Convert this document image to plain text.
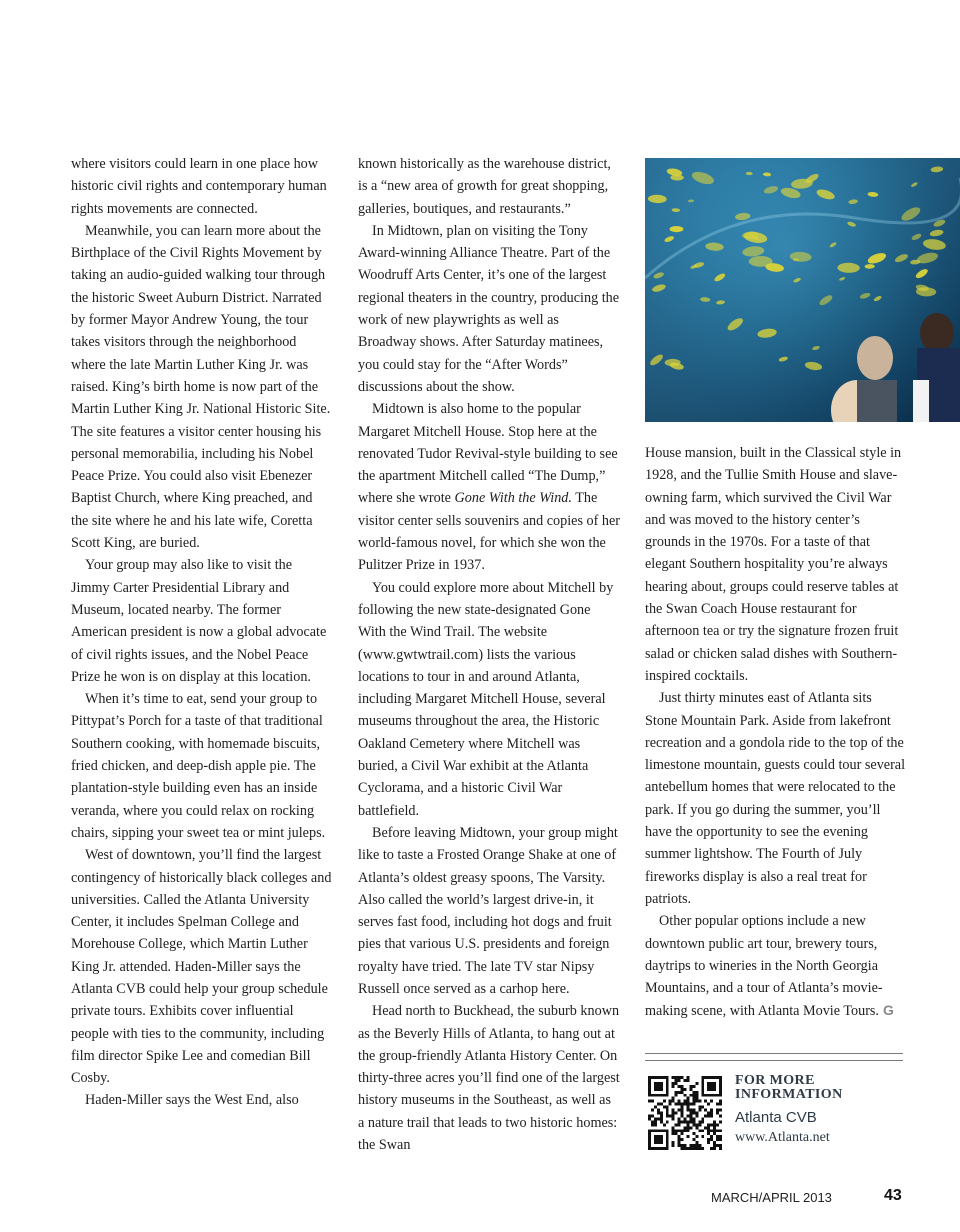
where visitors could learn in one place how historic civil rights and contemporary human rights movements are connected.

Meanwhile, you can learn more about the Birthplace of the Civil Rights Movement by taking an audio-guided walking tour through the historic Sweet Auburn District. Narrated by former Mayor Andrew Young, the tour takes visitors through the neighborhood where the late Martin Luther King Jr. was raised. King’s birth home is now part of the Martin Luther King Jr. National Historic Site. The site features a visitor center housing his personal memorabilia, including his Nobel Peace Prize. You could also visit Ebenezer Baptist Church, where King preached, and the site where he and his late wife, Coretta Scott King, are buried.

Your group may also like to visit the Jimmy Carter Presidential Library and Museum, located nearby. The former American president is now a global advocate of civil rights issues, and the Nobel Peace Prize he won is on display at this location.

When it’s time to eat, send your group to Pittypat’s Porch for a taste of that traditional Southern cooking, with homemade biscuits, fried chicken, and deep-dish apple pie. The plantation-style building even has an inside veranda, where you could relax on rocking chairs, sipping your sweet tea or mint juleps.

West of downtown, you’ll find the largest contingency of historically black colleges and universities. Called the Atlanta University Center, it includes Spelman College and Morehouse College, which Martin Luther King Jr. attended. Haden-Miller says the Atlanta CVB could help your group schedule private tours. Exhibits cover influential people with ties to the community, including film director Spike Lee and comedian Bill Cosby.

Haden-Miller says the West End, also

known historically as the warehouse district, is a “new area of growth for great shopping, galleries, boutiques, and restaurants.”

In Midtown, plan on visiting the Tony Award-winning Alliance Theatre. Part of the Woodruff Arts Center, it’s one of the largest regional theaters in the country, producing the work of new playwrights as well as Broadway shows. After Saturday matinees, you could stay for the “After Words” discussions about the show.

Midtown is also home to the popular Margaret Mitchell House. Stop here at the renovated Tudor Revival-style building to see the apartment Mitchell called “The Dump,” where she wrote Gone With the Wind. The visitor center sells souvenirs and copies of her world-famous novel, for which she won the Pulitzer Prize in 1937.

You could explore more about Mitchell by following the new state-designated Gone With the Wind Trail. The website (www.gwtwtrail.com) lists the various locations to tour in and around Atlanta, including Margaret Mitchell House, several museums throughout the area, the Historic Oakland Cemetery where Mitchell was buried, a Civil War exhibit at the Atlanta Cyclorama, and a historic Civil War battlefield.

Before leaving Midtown, your group might like to taste a Frosted Orange Shake at one of Atlanta’s oldest greasy spoons, The Varsity. Also called the world’s largest drive-in, it serves fast food, including hot dogs and fruit pies that various U.S. presidents and foreign royalty have tried. The late TV star Nipsy Russell once served as a carhop here.

Head north to Buckhead, the suburb known as the Beverly Hills of Atlanta, to hang out at the group-friendly Atlanta History Center. On thirty-three acres you’ll find one of the largest history museums in the Southeast, as well as a nature trail that leads to two historic homes: the Swan

House mansion, built in the Classical style in 1928, and the Tullie Smith House and slave-owning farm, which survived the Civil War and was moved to the history center’s grounds in the 1970s. For a taste of that elegant Southern hospitality you’re always hearing about, groups could reserve tables at the Swan Coach House restaurant for afternoon tea or try the signature frozen fruit salad or chicken salad dishes with Southern-inspired cocktails.

Just thirty minutes east of Atlanta sits Stone Mountain Park. Aside from lakefront recreation and a gondola ride to the top of the limestone mountain, guests could tour several antebellum homes that were relocated to the park. If you go during the summer, you’ll have the opportunity to see the evening summer lightshow. The Fourth of July fireworks display is also a real treat for patriots.

Other popular options include a new downtown public art tour, brewery tours, daytrips to wineries in the North Georgia Mountains, and a tour of Atlanta’s movie-making scene, with Atlanta Movie Tours. G

FOR MORE
INFORMATION
Atlanta CVB
www.Atlanta.net
MARCH/APRIL 2013	43
